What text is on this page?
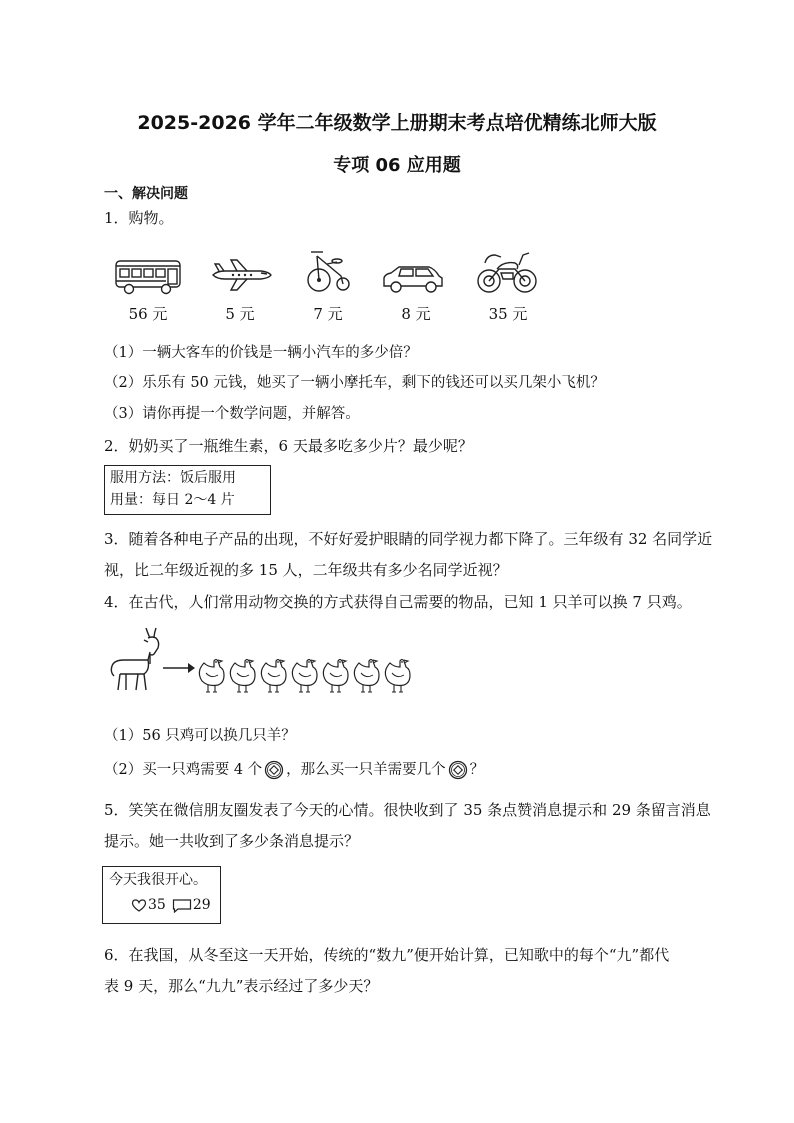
2025-2026 学年二年级数学上册期末考点培优精练北师大版
专项 06 应用题
一、解决问题
1．购物。
56 元	5 元	7 元	8 元	35 元
（1）一辆大客车的价钱是一辆小汽车的多少倍？
（2）乐乐有 50 元钱，她买了一辆小摩托车，剩下的钱还可以买几架小飞机？
（3）请你再提一个数学问题，并解答。
2．奶奶买了一瓶维生素，6 天最多吃多少片？最少呢？
服用方法：饭后服用
用量：每日 2～4 片
3．随着各种电子产品的出现，不好好爱护眼睛的同学视力都下降了。三年级有 32 名同学近
视，比二年级近视的多 15 人，二年级共有多少名同学近视？
4．在古代，人们常用动物交换的方式获得自己需要的物品，已知 1 只羊可以换 7 只鸡。
（1）56 只鸡可以换几只羊？
（2）买一只鸡需要 4 个 ，那么买一只羊需要几个 ？
5．笑笑在微信朋友圈发表了今天的心情。很快收到了 35 条点赞消息提示和 29 条留言消息
提示。她一共收到了多少条消息提示？
今天我很开心。
35 29
6．在我国，从冬至这一天开始，传统的“数九”便开始计算，已知歌中的每个“九”都代
表 9 天，那么“九九”表示经过了多少天？
